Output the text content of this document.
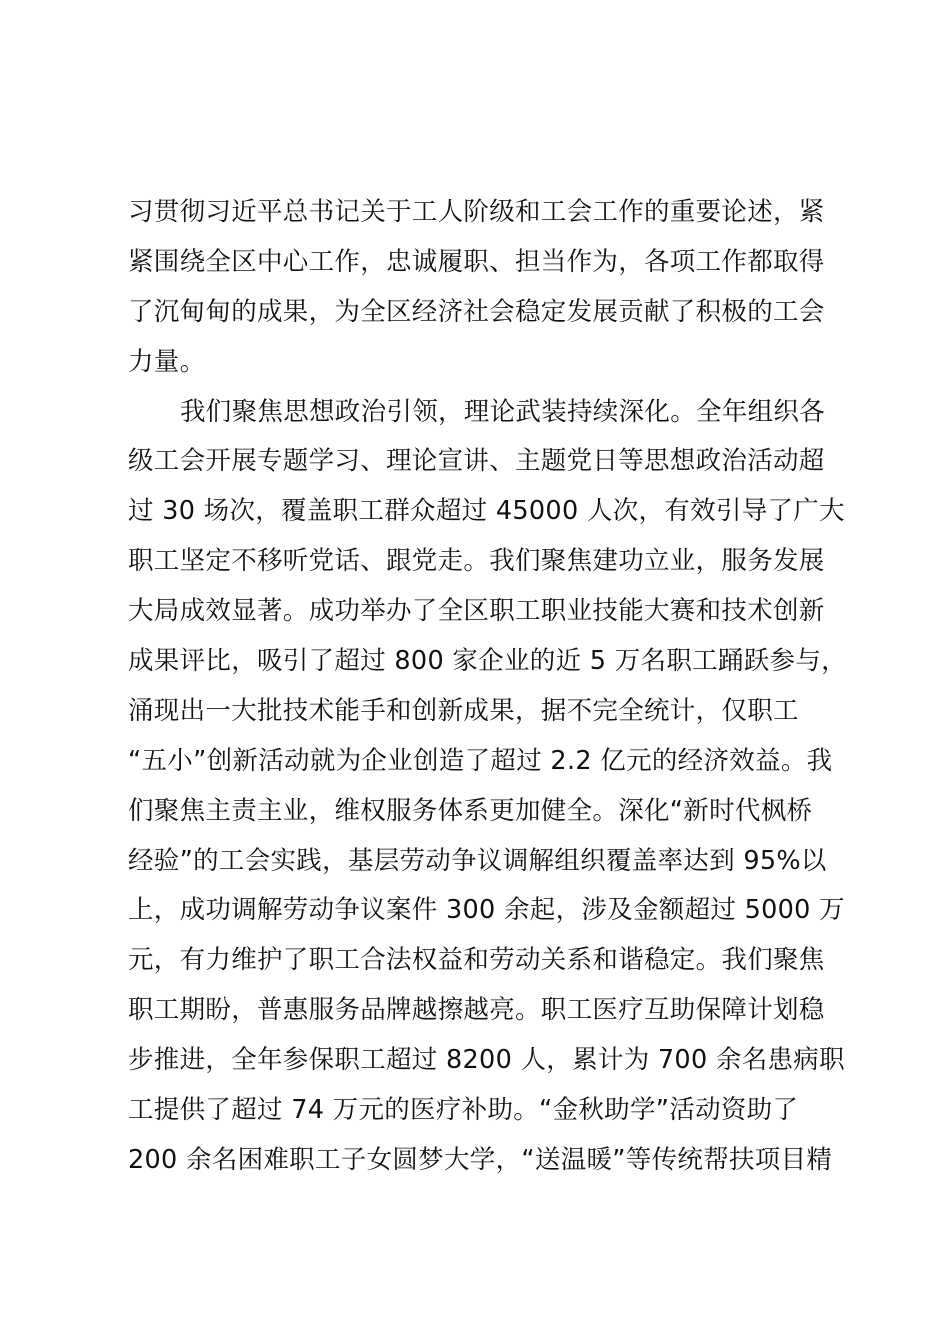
习贯彻习近平总书记关于工人阶级和工会工作的重要论述，紧
紧围绕全区中心工作，忠诚履职、担当作为，各项工作都取得
了沉甸甸的成果，为全区经济社会稳定发展贡献了积极的工会
力量。
我们聚焦思想政治引领，理论武装持续深化。全年组织各
级工会开展专题学习、理论宣讲、主题党日等思想政治活动超
过 30 场次，覆盖职工群众超过 45000 人次，有效引导了广大
职工坚定不移听党话、跟党走。我们聚焦建功立业，服务发展
大局成效显著。成功举办了全区职工职业技能大赛和技术创新
成果评比，吸引了超过 800 家企业的近 5 万名职工踊跃参与，
涌现出一大批技术能手和创新成果，据不完全统计，仅职工
“五小”创新活动就为企业创造了超过 2.2 亿元的经济效益。我
们聚焦主责主业，维权服务体系更加健全。深化“新时代枫桥
经验”的工会实践，基层劳动争议调解组织覆盖率达到 95%以
上，成功调解劳动争议案件 300 余起，涉及金额超过 5000 万
元，有力维护了职工合法权益和劳动关系和谐稳定。我们聚焦
职工期盼，普惠服务品牌越擦越亮。职工医疗互助保障计划稳
步推进，全年参保职工超过 8200 人，累计为 700 余名患病职
工提供了超过 74 万元的医疗补助。“金秋助学”活动资助了
200 余名困难职工子女圆梦大学，“送温暖”等传统帮扶项目精
